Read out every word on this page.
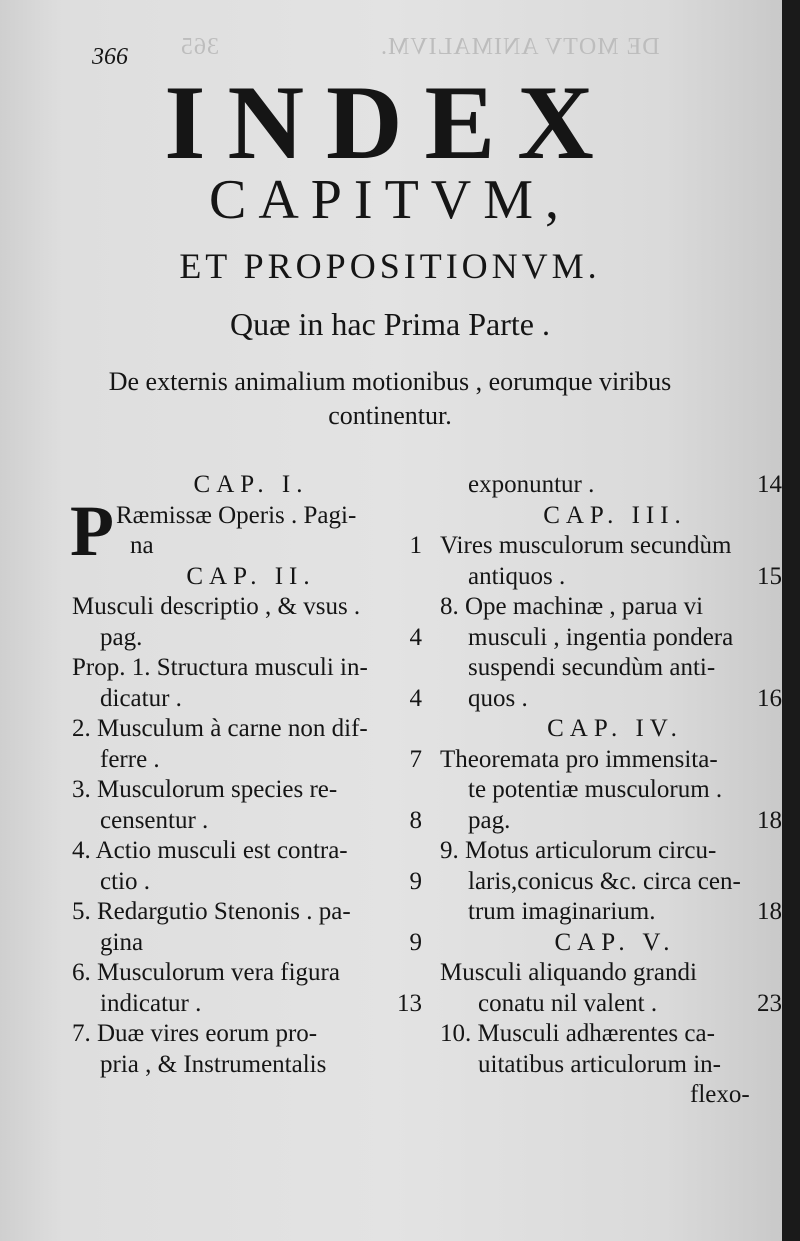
DE MOTV ANIMALIVM.
365
366
INDEX
CAPITVM,
ET PROPOSITIONVM.
Quæ in hac Prima Parte .
De externis animalium motionibus , eorumque viribus
continentur.
CAP. I.
P Ræmissæ Operis . Pagi-
na	1
CAP. II.
Musculi descriptio , & vsus .
pag.	4
Prop. 1. Structura musculi in-
dicatur .	4
2. Musculum à carne non dif-
ferre .	7
3. Musculorum species re-
censentur .	8
4. Actio musculi est contra-
ctio .	9
5. Redargutio Stenonis . pa-
gina	9
6. Musculorum vera figura
indicatur .	13
7. Duæ vires eorum pro-
pria , & Instrumentalis
exponuntur .	14
CAP. III.
Vires musculorum secundùm
antiquos .	15
8. Ope machinæ , parua vi
musculi , ingentia pondera
suspendi secundùm anti-
quos .	16
CAP. IV.
Theoremata pro immensita-
te potentiæ musculorum .
pag.	18
9. Motus articulorum circu-
laris,conicus &c. circa cen-
trum imaginarium.	18
CAP. V.
Musculi aliquando grandi
conatu nil valent .	23
10. Musculi adhærentes ca-
uitatibus articulorum in-
flexo-
